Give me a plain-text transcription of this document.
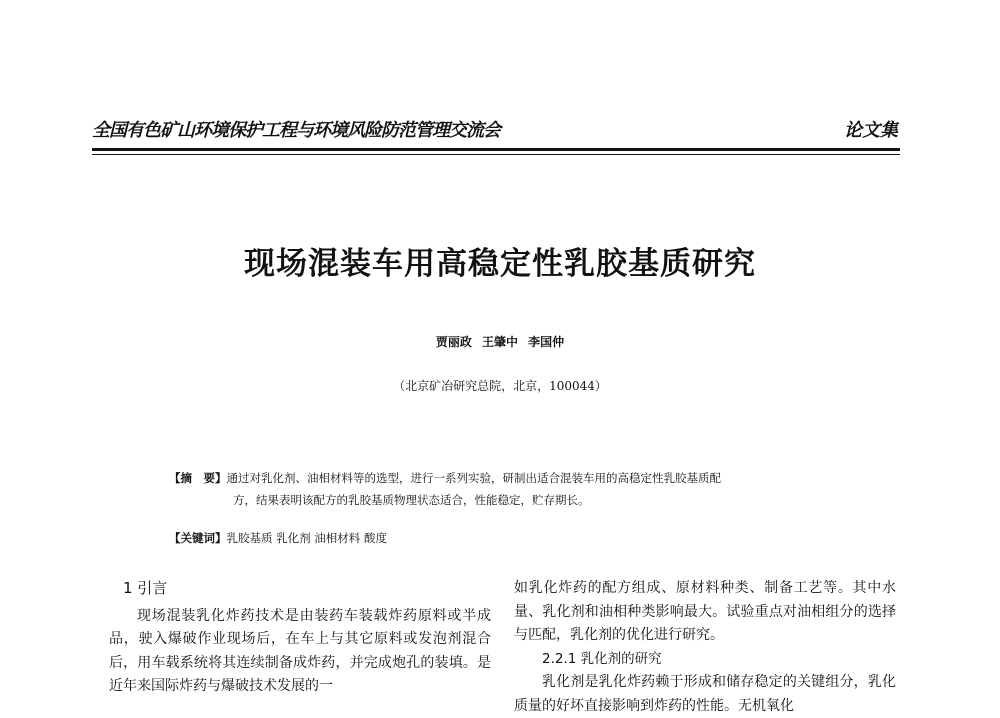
全国有色矿山环境保护工程与环境风险防范管理交流会	论文集
现场混装车用高稳定性乳胶基质研究
贾丽政 王肇中 李国仲
（北京矿冶研究总院，北京，100044）
【摘　要】通过对乳化剂、油相材料等的选型，进行一系列实验，研制出适合混装车用的高稳定性乳胶基质配
方，结果表明该配方的乳胶基质物理状态适合，性能稳定，贮存期长。
【关键词】乳胶基质 乳化剂 油相材料 酸度
1 引言

现场混装乳化炸药技术是由装药车装载炸药原料或半成品，驶入爆破作业现场后，在车上与其它原料或发泡剂混合后，用车载系统将其连续制备成炸药，并完成炮孔的装填。是近年来国际炸药与爆破技术发展的一

如乳化炸药的配方组成、原材料种类、制备工艺等。其中水量、乳化剂和油相种类影响最大。试验重点对油相组分的选择与匹配，乳化剂的优化进行研究。

2.2.1 乳化剂的研究

乳化剂是乳化炸药赖于形成和储存稳定的关键组分，乳化质量的好坏直接影响到炸药的性能。无机氧化
